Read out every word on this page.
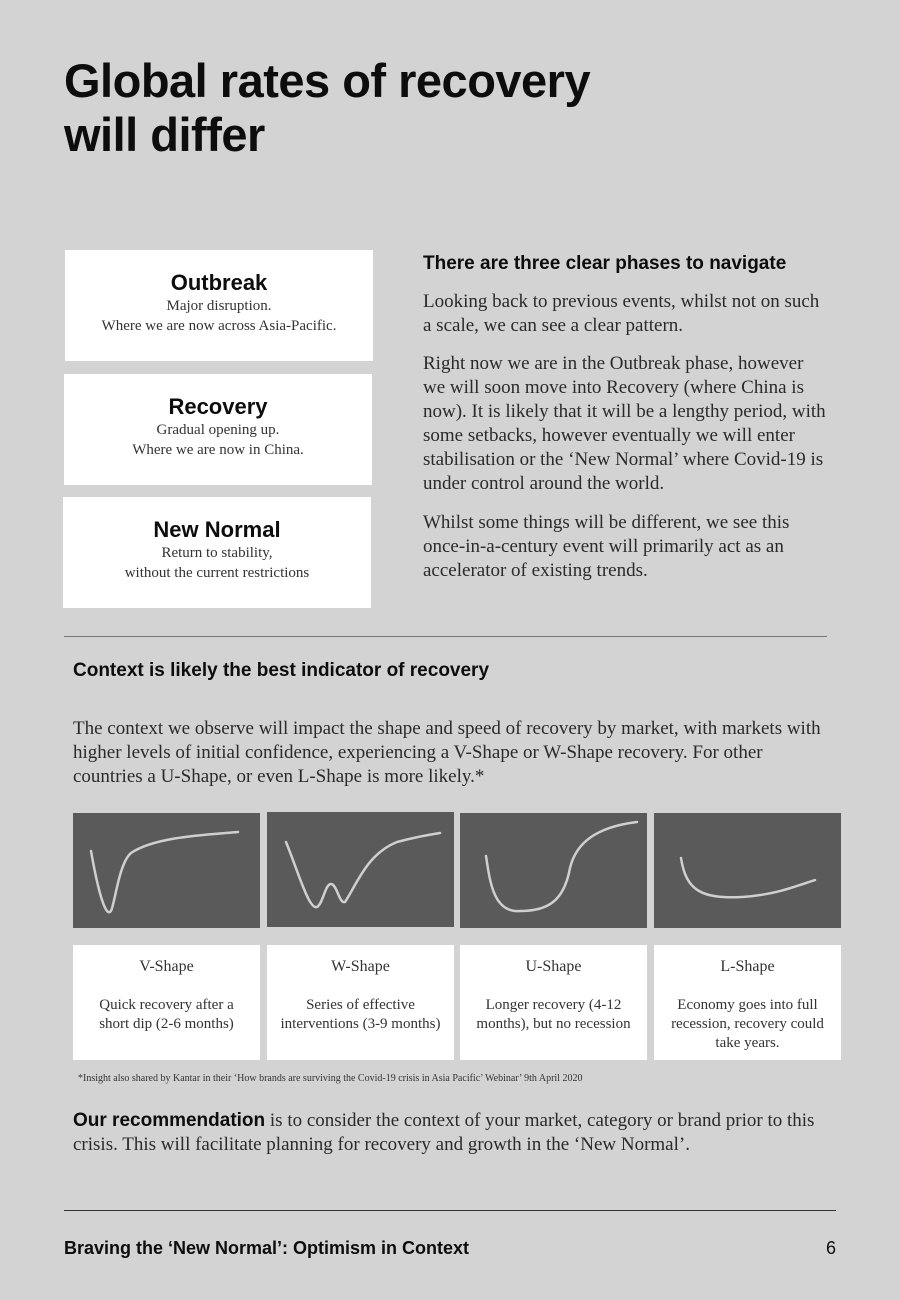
Global rates of recovery
will differ
Outbreak
Major disruption.
Where we are now across Asia-Pacific.
Recovery
Gradual opening up.
Where we are now in China.
New Normal
Return to stability,
without the current restrictions
There are three clear phases to navigate

Looking back to previous events, whilst not on such a scale, we can see a clear pattern.

Right now we are in the Outbreak phase, however we will soon move into Recovery (where China is now). It is likely that it will be a lengthy period, with some setbacks, however eventually we will enter stabilisation or the ‘New Normal’ where Covid-19 is under control around the world.

Whilst some things will be different, we see this once-in-a-century event will primarily act as an accelerator of existing trends.

Context is likely the best indicator of recovery

The context we observe will impact the shape and speed of recovery by market, with markets with higher levels of initial confidence, experiencing a V-Shape or W-Shape recovery. For other countries a U-Shape, or even L-Shape is more likely.*

V-Shape
Quick recovery after a short dip (2-6 months)
W-Shape
Series of effective interventions (3-9 months)
U-Shape
Longer recovery (4-12 months), but no recession
L-Shape
Economy goes into full recession, recovery could take years.
*Insight also shared by Kantar in their ‘How brands are surviving the Covid-19 crisis in Asia Pacific’ Webinar’ 9th April 2020

Our recommendation is to consider the context of your market, category or brand prior to this crisis. This will facilitate planning for recovery and growth in the ‘New Normal’.

Braving the ‘New Normal’: Optimism in Context	6
